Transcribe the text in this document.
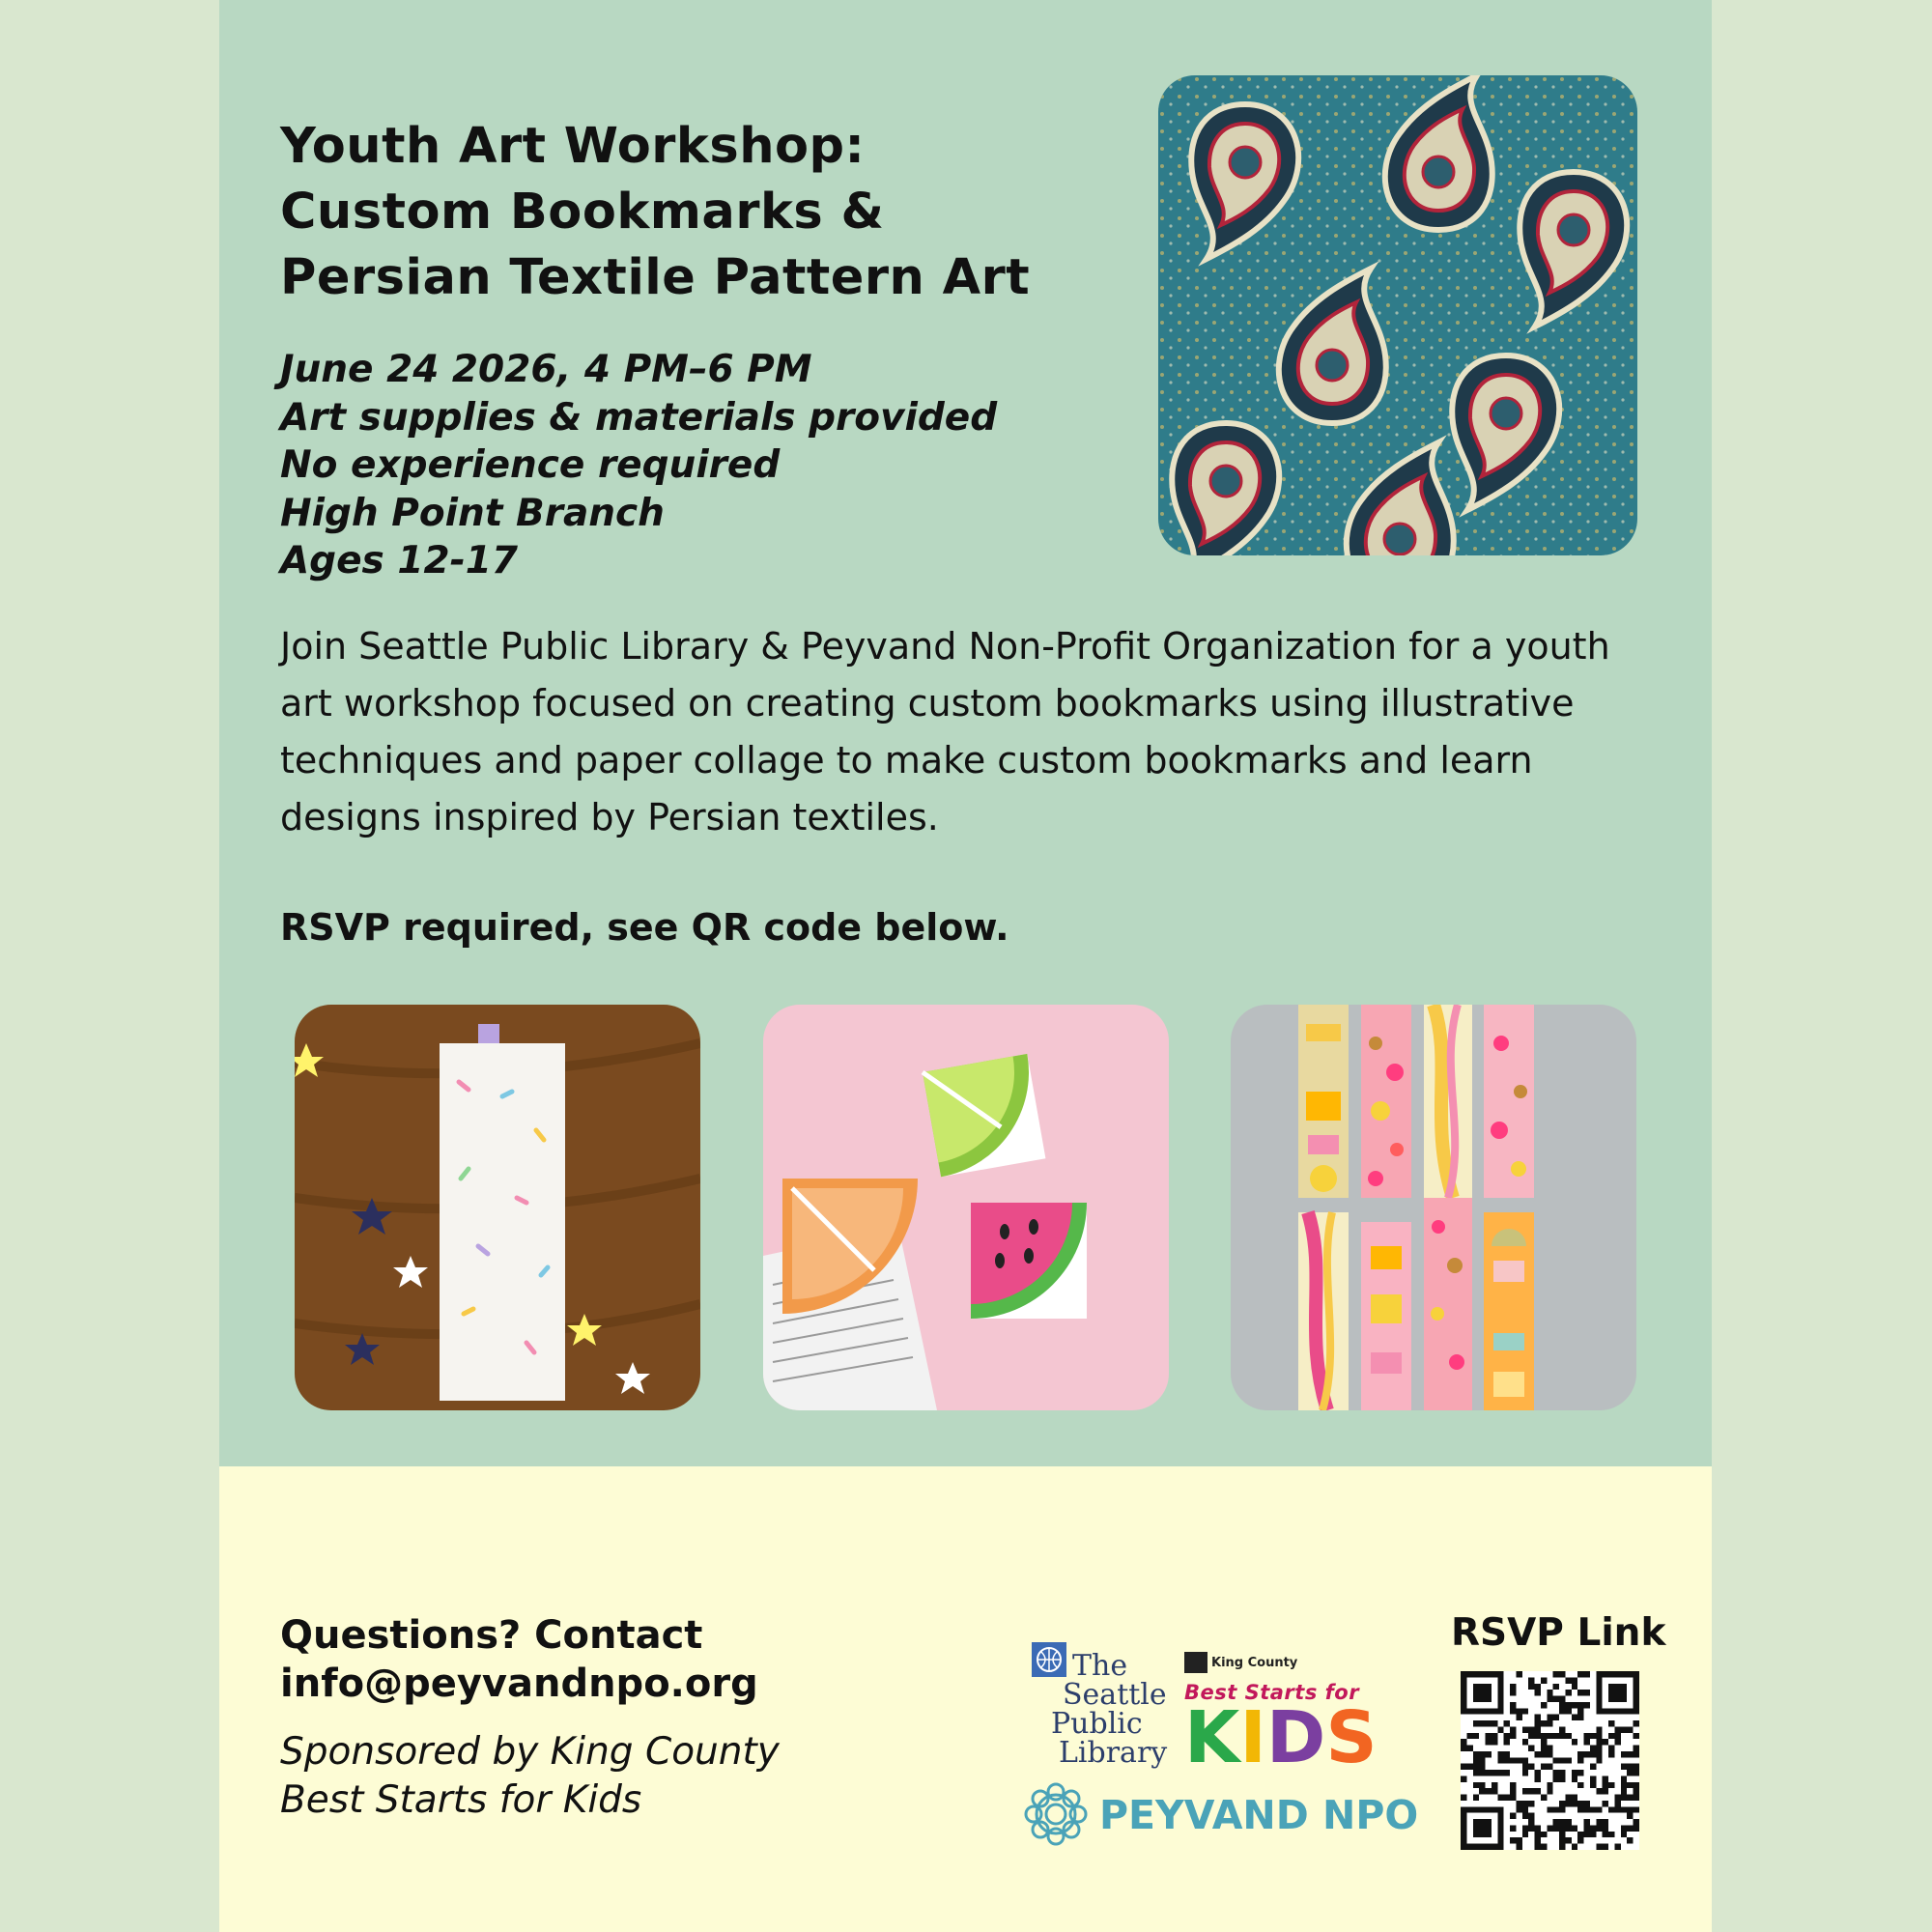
Youth Art Workshop:
Custom Bookmarks &
Persian Textile Pattern Art
June 24 2026, 4 PM–6 PM
Art supplies & materials provided
No experience required
High Point Branch
Ages 12-17

Join Seattle Public Library & Peyvand Non-Profit Organization for a youth art workshop focused on creating custom bookmarks using illustrative techniques and paper collage to make custom bookmarks and learn designs inspired by Persian textiles.

RSVP required, see QR code below.

Questions? Contact
info@peyvandnpo.org
Sponsored by King County
Best Starts for Kids
The
Seattle
Public
Library
King County
Best Starts for
KIDS
PEYVAND NPO

RSVP Link
